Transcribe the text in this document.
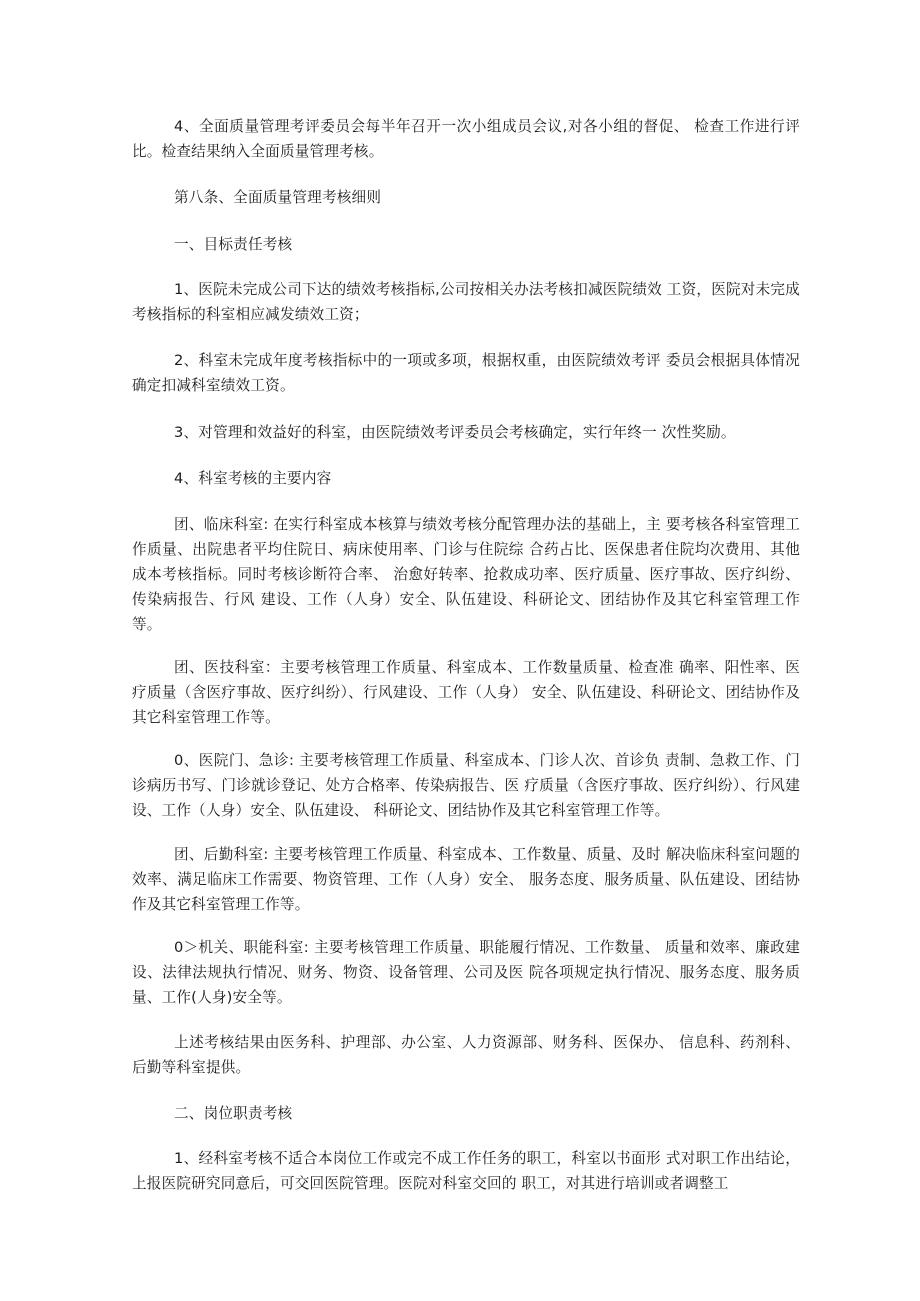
4、全面质量管理考评委员会每半年召开一次小组成员会议,对各小组的督促、 检查工作进行评比。检查结果纳入全面质量管理考核。

第八条、全面质量管理考核细则

一、目标责任考核

1、医院未完成公司下达的绩效考核指标,公司按相关办法考核扣减医院绩效 工资，医院对未完成考核指标的科室相应减发绩效工资；

2、科室未完成年度考核指标中的一项或多项，根据权重，由医院绩效考评 委员会根据具体情况确定扣减科室绩效工资。

3、对管理和效益好的科室，由医院绩效考评委员会考核确定，实行年终一 次性奖励。

4、科室考核的主要内容

团、临床科室: 在实行科室成本核算与绩效考核分配管理办法的基础上，主 要考核各科室管理工作质量、出院患者平均住院日、病床使用率、门诊与住院综 合药占比、医保患者住院均次费用、其他成本考核指标。同时考核诊断符合率、 治愈好转率、抢救成功率、医疗质量、医疗事故、医疗纠纷、传染病报告、行风 建设、工作（人身）安全、队伍建设、科研论文、团结协作及其它科室管理工作 等。

团、医技科室：主要考核管理工作质量、科室成本、工作数量质量、检查准 确率、阳性率、医疗质量（含医疗事故、医疗纠纷）、行风建设、工作（人身） 安全、队伍建设、科研论文、团结协作及其它科室管理工作等。

0、医院门、急诊: 主要考核管理工作质量、科室成本、门诊人次、首诊负 责制、急救工作、门诊病历书写、门诊就诊登记、处方合格率、传染病报告、医 疗质量（含医疗事故、医疗纠纷）、行风建设、工作（人身）安全、队伍建设、 科研论文、团结协作及其它科室管理工作等。

团、后勤科室: 主要考核管理工作质量、科室成本、工作数量、质量、及时 解决临床科室问题的效率、满足临床工作需要、物资管理、工作（人身）安全、 服务态度、服务质量、队伍建设、团结协作及其它科室管理工作等。

0＞机关、职能科室: 主要考核管理工作质量、职能履行情况、工作数量、 质量和效率、廉政建设、法律法规执行情况、财务、物资、设备管理、公司及医 院各项规定执行情况、服务态度、服务质量、工作(人身)安全等。

上述考核结果由医务科、护理部、办公室、人力资源部、财务科、医保办、 信息科、药剂科、后勤等科室提供。

二、岗位职责考核

1、经科室考核不适合本岗位工作或完不成工作任务的职工，科室以书面形 式对职工作出结论，上报医院研究同意后，可交回医院管理。医院对科室交回的 职工，对其进行培训或者调整工
